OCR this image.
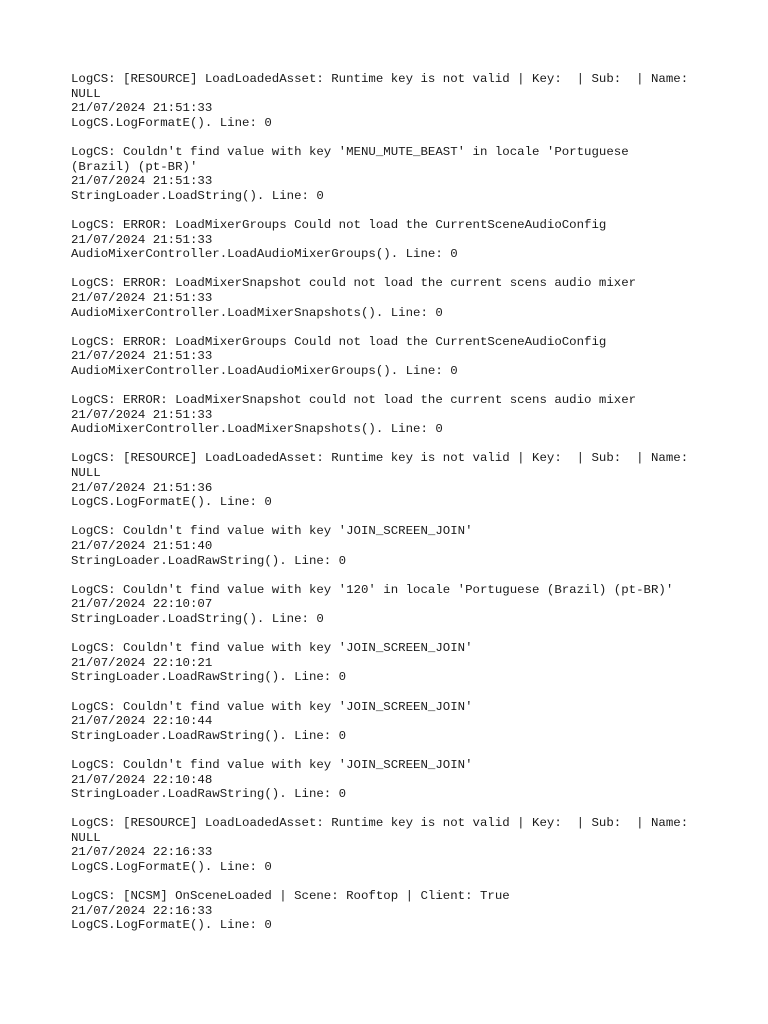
LogCS: [RESOURCE] LoadLoadedAsset: Runtime key is not valid | Key:  | Sub:  | Name:
NULL
21/07/2024 21:51:33
LogCS.LogFormatE(). Line: 0
LogCS: Couldn't find value with key 'MENU_MUTE_BEAST' in locale 'Portuguese
(Brazil) (pt-BR)'
21/07/2024 21:51:33
StringLoader.LoadString(). Line: 0
LogCS: ERROR: LoadMixerGroups Could not load the CurrentSceneAudioConfig
21/07/2024 21:51:33
AudioMixerController.LoadAudioMixerGroups(). Line: 0
LogCS: ERROR: LoadMixerSnapshot could not load the current scens audio mixer
21/07/2024 21:51:33
AudioMixerController.LoadMixerSnapshots(). Line: 0
LogCS: ERROR: LoadMixerGroups Could not load the CurrentSceneAudioConfig
21/07/2024 21:51:33
AudioMixerController.LoadAudioMixerGroups(). Line: 0
LogCS: ERROR: LoadMixerSnapshot could not load the current scens audio mixer
21/07/2024 21:51:33
AudioMixerController.LoadMixerSnapshots(). Line: 0
LogCS: [RESOURCE] LoadLoadedAsset: Runtime key is not valid | Key:  | Sub:  | Name:
NULL
21/07/2024 21:51:36
LogCS.LogFormatE(). Line: 0
LogCS: Couldn't find value with key 'JOIN_SCREEN_JOIN'
21/07/2024 21:51:40
StringLoader.LoadRawString(). Line: 0
LogCS: Couldn't find value with key '120' in locale 'Portuguese (Brazil) (pt-BR)'
21/07/2024 22:10:07
StringLoader.LoadString(). Line: 0
LogCS: Couldn't find value with key 'JOIN_SCREEN_JOIN'
21/07/2024 22:10:21
StringLoader.LoadRawString(). Line: 0
LogCS: Couldn't find value with key 'JOIN_SCREEN_JOIN'
21/07/2024 22:10:44
StringLoader.LoadRawString(). Line: 0
LogCS: Couldn't find value with key 'JOIN_SCREEN_JOIN'
21/07/2024 22:10:48
StringLoader.LoadRawString(). Line: 0
LogCS: [RESOURCE] LoadLoadedAsset: Runtime key is not valid | Key:  | Sub:  | Name:
NULL
21/07/2024 22:16:33
LogCS.LogFormatE(). Line: 0
LogCS: [NCSM] OnSceneLoaded | Scene: Rooftop | Client: True
21/07/2024 22:16:33
LogCS.LogFormatE(). Line: 0
